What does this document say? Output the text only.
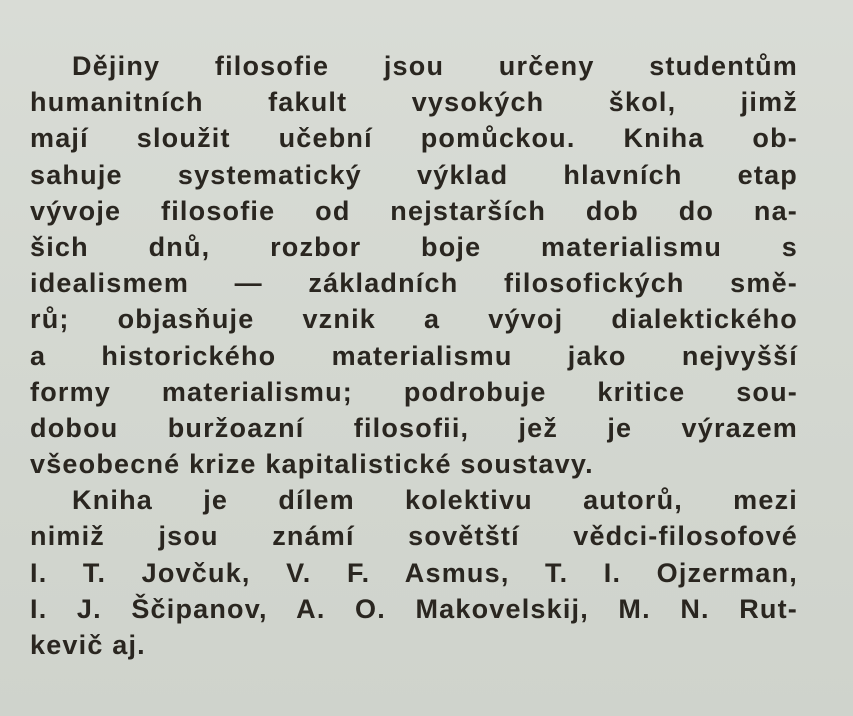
Dějiny filosofie jsou určeny studentům
humanitních fakult vysokých škol, jimž
mají sloužit učební pomůckou. Kniha ob-
sahuje systematický výklad hlavních etap
vývoje filosofie od nejstarších dob do na-
šich dnů, rozbor boje materialismu s
idealismem — základních filosofických smě-
rů; objasňuje vznik a vývoj dialektického
a historického materialismu jako nejvyšší
formy materialismu; podrobuje kritice sou-
dobou buržoazní filosofii, jež je výrazem
všeobecné krize kapitalistické soustavy.
Kniha je dílem kolektivu autorů, mezi
nimiž jsou známí sovětští vědci-filosofové
I. T. Jovčuk, V. F. Asmus, T. I. Ojzerman,
I. J. Ščipanov, A. O. Makovelskij, M. N. Rut-
kevič aj.
